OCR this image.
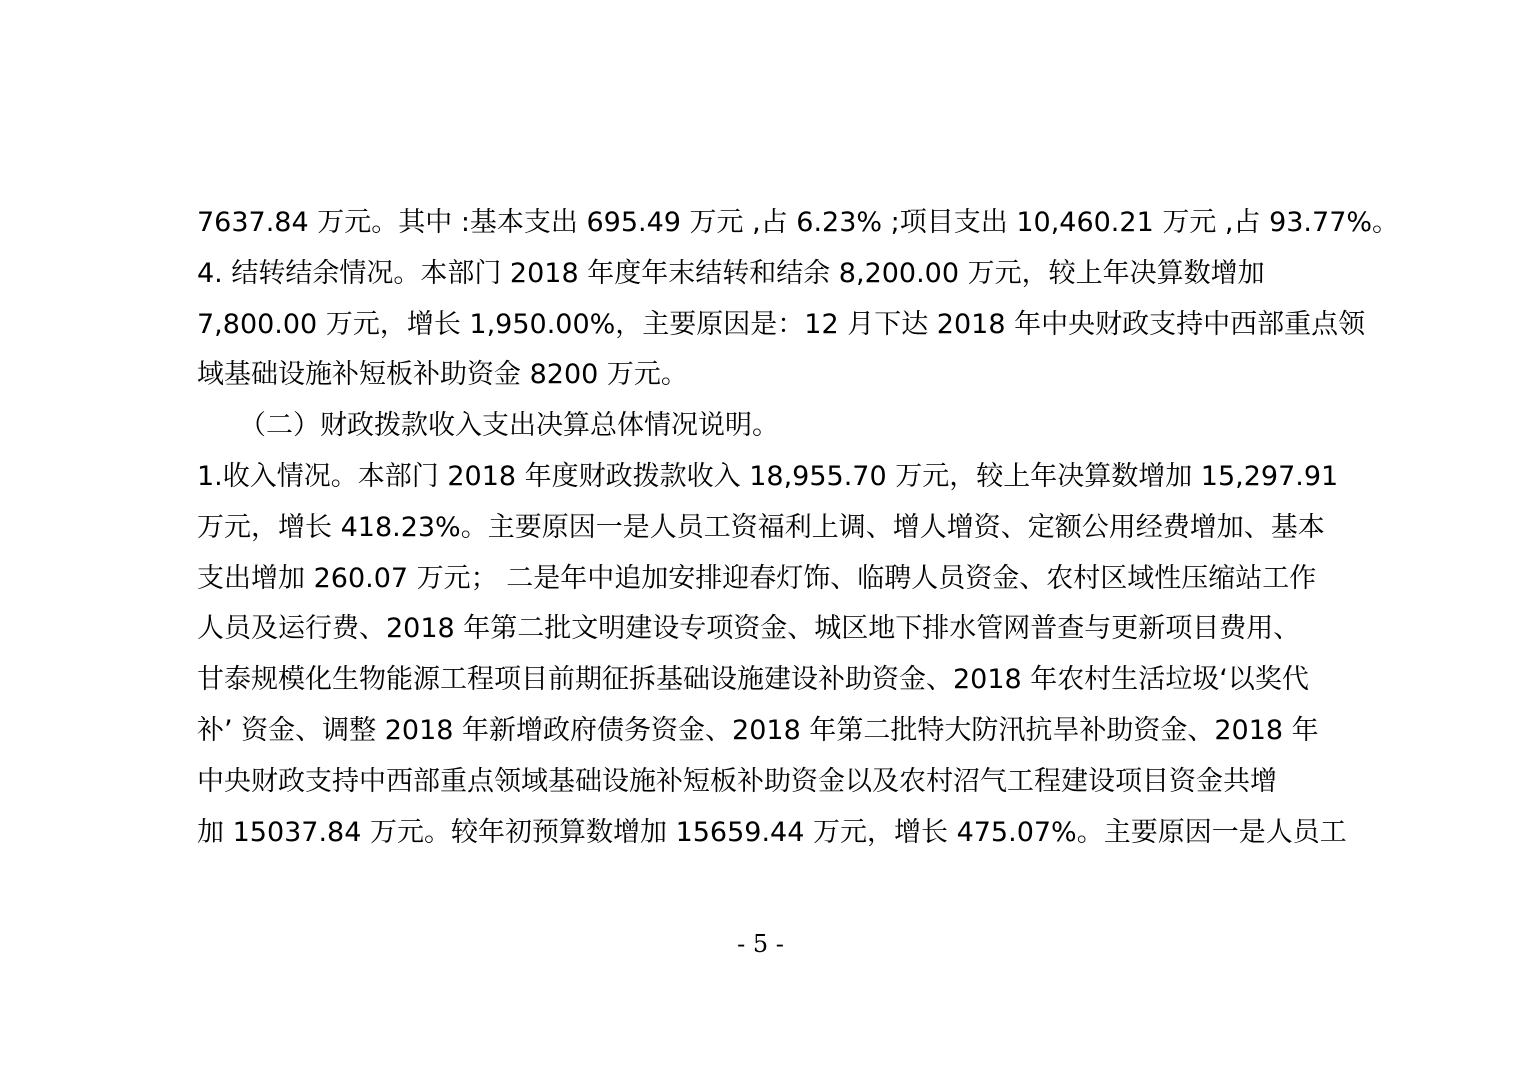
7637.84 万元。其中 :基本支出 695.49 万元 ,占 6.23% ;项目支出 10,460.21 万元 ,占 93.77%。
4. 结转结余情况。本部门 2018 年度年末结转和结余 8,200.00 万元，较上年决算数增加
7,800.00 万元，增长 1,950.00%，主要原因是：12 月下达 2018 年中央财政支持中西部重点领
域基础设施补短板补助资金 8200 万元。
（二）财政拨款收入支出决算总体情况说明。
1.收入情况。本部门 2018 年度财政拨款收入 18,955.70 万元，较上年决算数增加 15,297.91
万元，增长 418.23%。主要原因一是人员工资福利上调、增人增资、定额公用经费增加、基本
支出增加 260.07 万元； 二是年中追加安排迎春灯饰、临聘人员资金、农村区域性压缩站工作
人员及运行费、2018 年第二批文明建设专项资金、城区地下排水管网普查与更新项目费用、
甘泰规模化生物能源工程项目前期征拆基础设施建设补助资金、2018 年农村生活垃圾‘以奖代
补’ 资金、调整 2018 年新增政府债务资金、2018 年第二批特大防汛抗旱补助资金、2018 年
中央财政支持中西部重点领域基础设施补短板补助资金以及农村沼气工程建设项目资金共增
加 15037.84 万元。较年初预算数增加 15659.44 万元，增长 475.07%。主要原因一是人员工
- 5 -
